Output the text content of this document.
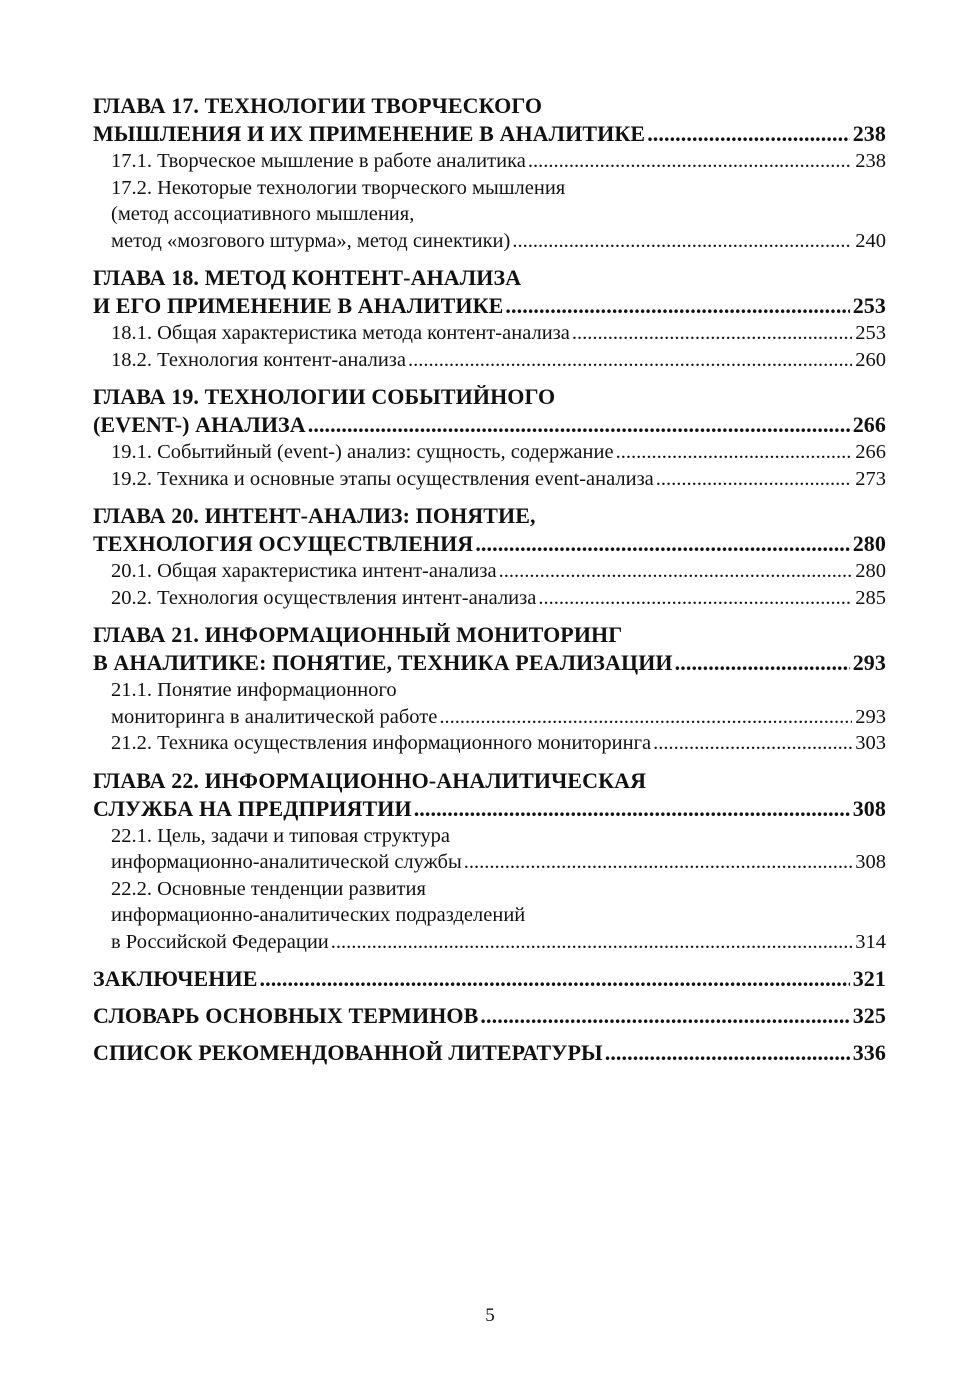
ГЛАВА 17. ТЕХНОЛОГИИ ТВОРЧЕСКОГО
МЫШЛЕНИЯ И ИХ ПРИМЕНЕНИЕ В АНАЛИТИКЕ .....	238
17.1. Творческое мышление в работе аналитика .....	238
17.2. Некоторые технологии творческого мышления
(метод ассоциативного мышления,
метод «мозгового штурма», метод синектики) .....	240
ГЛАВА 18. МЕТОД КОНТЕНТ-АНАЛИЗА
И ЕГО ПРИМЕНЕНИЕ В АНАЛИТИКЕ .....	253
18.1. Общая характеристика метода контент-анализа .....	253
18.2. Технология контент-анализа .....	260
ГЛАВА 19. ТЕХНОЛОГИИ СОБЫТИЙНОГО
(EVENT-) АНАЛИЗА .....	266
19.1. Событийный (event-) анализ: сущность, содержание .....	266
19.2. Техника и основные этапы осуществления event-анализа .....	273
ГЛАВА 20. ИНТЕНТ-АНАЛИЗ: ПОНЯТИЕ,
ТЕХНОЛОГИЯ ОСУЩЕСТВЛЕНИЯ .....	280
20.1. Общая характеристика интент-анализа .....	280
20.2. Технология осуществления интент-анализа .....	285
ГЛАВА 21. ИНФОРМАЦИОННЫЙ МОНИТОРИНГ
В АНАЛИТИКЕ: ПОНЯТИЕ, ТЕХНИКА РЕАЛИЗАЦИИ .....	293
21.1. Понятие информационного
мониторинга в аналитической работе .....	293
21.2. Техника осуществления информационного мониторинга .....	303
ГЛАВА 22. ИНФОРМАЦИОННО-АНАЛИТИЧЕСКАЯ
СЛУЖБА НА ПРЕДПРИЯТИИ .....	308
22.1. Цель, задачи и типовая структура
информационно-аналитической службы .....	308
22.2. Основные тенденции развития
информационно-аналитических подразделений
в Российской Федерации .....	314
ЗАКЛЮЧЕНИЕ .....	321
СЛОВАРЬ ОСНОВНЫХ ТЕРМИНОВ .....	325
СПИСОК РЕКОМЕНДОВАННОЙ ЛИТЕРАТУРЫ .....	336
5
